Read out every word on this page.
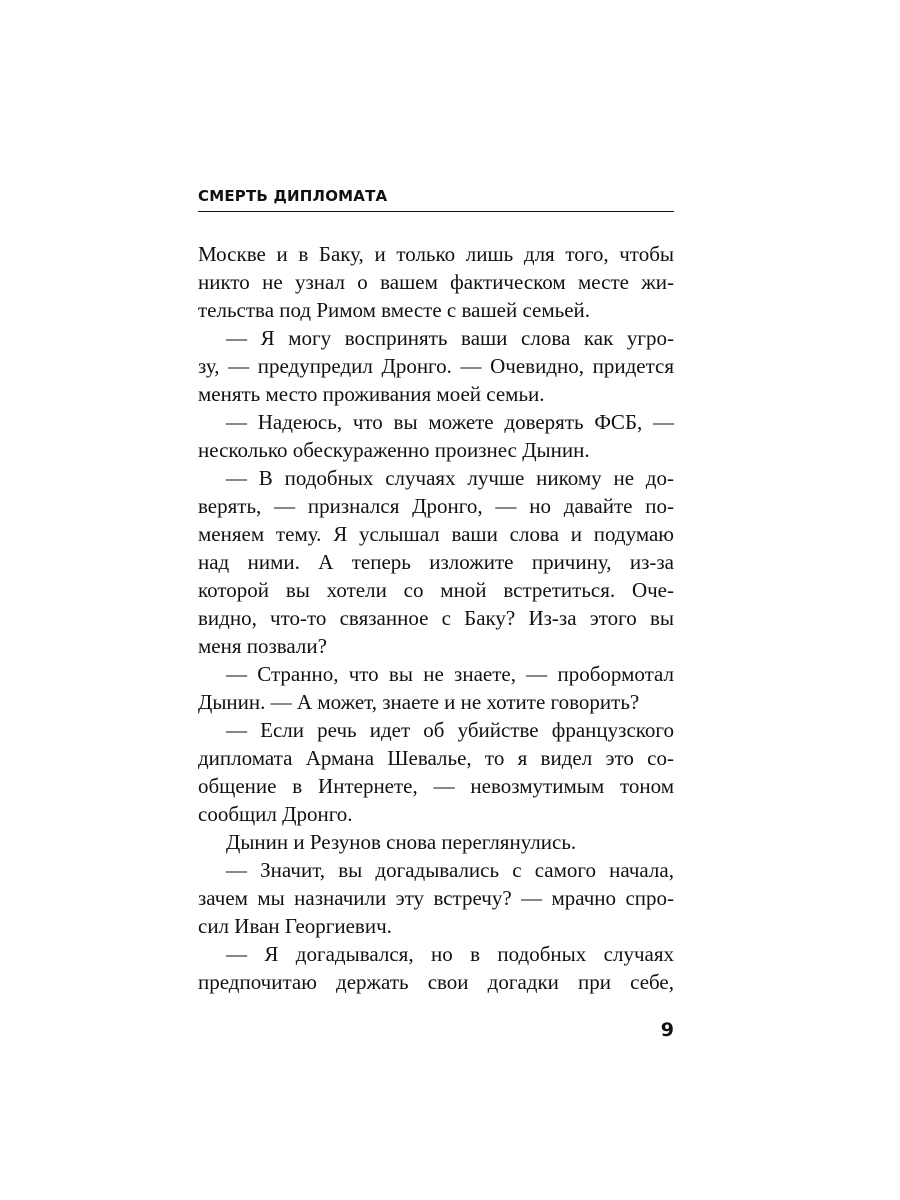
СМЕРТЬ ДИПЛОМАТА
Москве и в Баку, и только лишь для того, чтобы
никто не узнал о вашем фактическом месте жи-
тельства под Римом вместе с вашей семьей.
— Я могу воспринять ваши слова как угро-
зу, — предупредил Дронго. — Очевидно, придется
менять место проживания моей семьи.
— Надеюсь, что вы можете доверять ФСБ, —
несколько обескураженно произнес Дынин.
— В подобных случаях лучше никому не до-
верять, — признался Дронго, — но давайте по-
меняем тему. Я услышал ваши слова и подумаю
над ними. А теперь изложите причину, из-за
которой вы хотели со мной встретиться. Оче-
видно, что-то связанное с Баку? Из-за этого вы
меня позвали?
— Странно, что вы не знаете, — пробормотал
Дынин. — А может, знаете и не хотите говорить?
— Если речь идет об убийстве французского
дипломата Армана Шевалье, то я видел это со-
общение в Интернете, — невозмутимым тоном
сообщил Дронго.
Дынин и Резунов снова переглянулись.
— Значит, вы догадывались с самого начала,
зачем мы назначили эту встречу? — мрачно спро-
сил Иван Георгиевич.
— Я догадывался, но в подобных случаях
предпочитаю держать свои догадки при себе,
9
